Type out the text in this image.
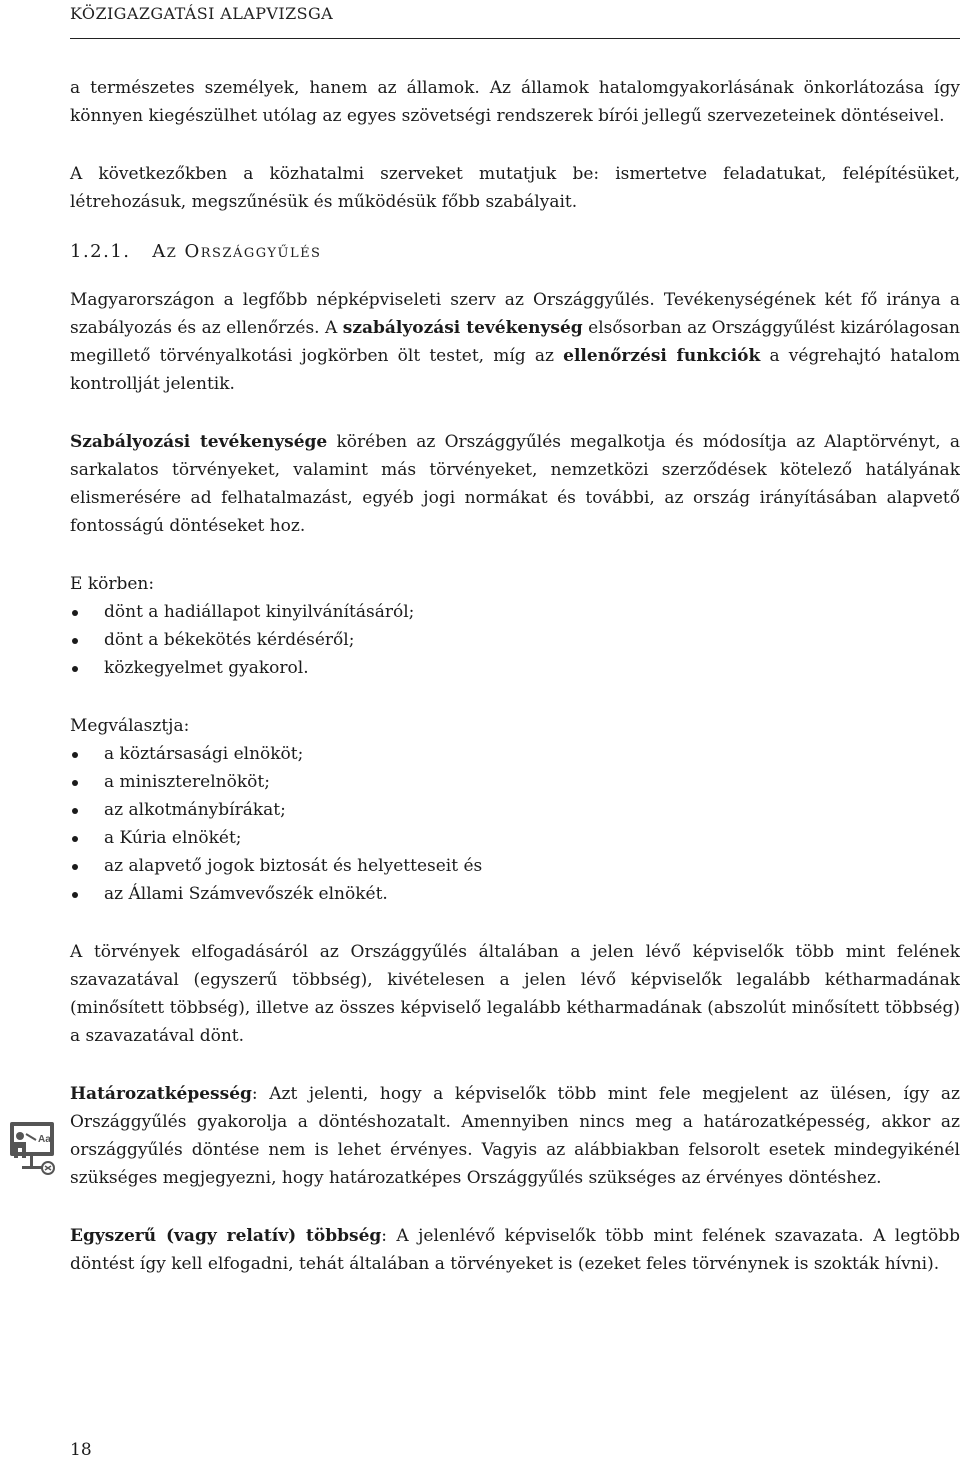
KÖZIGAZGATÁSI ALAPVIZSGA
Aa

a természetes személyek, hanem az államok. Az államok hatalomgyakorlásának önkorlátozása így könnyen kiegészülhet utólag az egyes szövetségi rendszerek bírói jellegű szervezeteinek döntéseivel.

A következőkben a közhatalmi szerveket mutatjuk be: ismertetve feladatukat, felépítésüket, létrehozásuk, megszűnésük és működésük főbb szabályait.

1.2.1. Az Országgyűlés

Magyarországon a legfőbb népképviseleti szerv az Országgyűlés. Tevékenységének két fő iránya a szabályozás és az ellenőrzés. A szabályozási tevékenység elsősorban az Országgyűlést kizárólagosan megillető törvényalkotási jogkörben ölt testet, míg az ellenőrzési funkciók a végrehajtó hatalom kontrollját jelentik.

Szabályozási tevékenysége körében az Országgyűlés megalkotja és módosítja az Alaptörvényt, a sarkalatos törvényeket, valamint más törvényeket, nemzetközi szerződések kötelező hatályának elismerésére ad felhatalmazást, egyéb jogi normákat és további, az ország irányításában alapvető fontosságú döntéseket hoz.

E körben:

dönt a hadiállapot kinyilvánításáról;
dönt a békekötés kérdéséről;
közkegyelmet gyakorol.

Megválasztja:

a köztársasági elnököt;
a miniszterelnököt;
az alkotmánybírákat;
a Kúria elnökét;
az alapvető jogok biztosát és helyetteseit és
az Állami Számvevőszék elnökét.

A törvények elfogadásáról az Országgyűlés általában a jelen lévő képviselők több mint felének szavazatával (egyszerű többség), kivételesen a jelen lévő képviselők legalább kétharmadának (minősített többség), illetve az összes képviselő legalább kétharmadának (abszolút minősített többség) a szavazatával dönt.

Határozatképesség: Azt jelenti, hogy a képviselők több mint fele megjelent az ülésen, így az Országgyűlés gyakorolja a döntéshozatalt. Amennyiben nincs meg a határozatképesség, akkor az országgyűlés döntése nem is lehet érvényes. Vagyis az alábbiakban felsorolt esetek mindegyikénél szükséges megjegyezni, hogy határozatképes Országgyűlés szükséges az érvényes döntéshez.

Egyszerű (vagy relatív) többség: A jelenlévő képviselők több mint felének szavazata. A legtöbb döntést így kell elfogadni, tehát általában a törvényeket is (ezeket feles törvénynek is szokták hívni).

18
